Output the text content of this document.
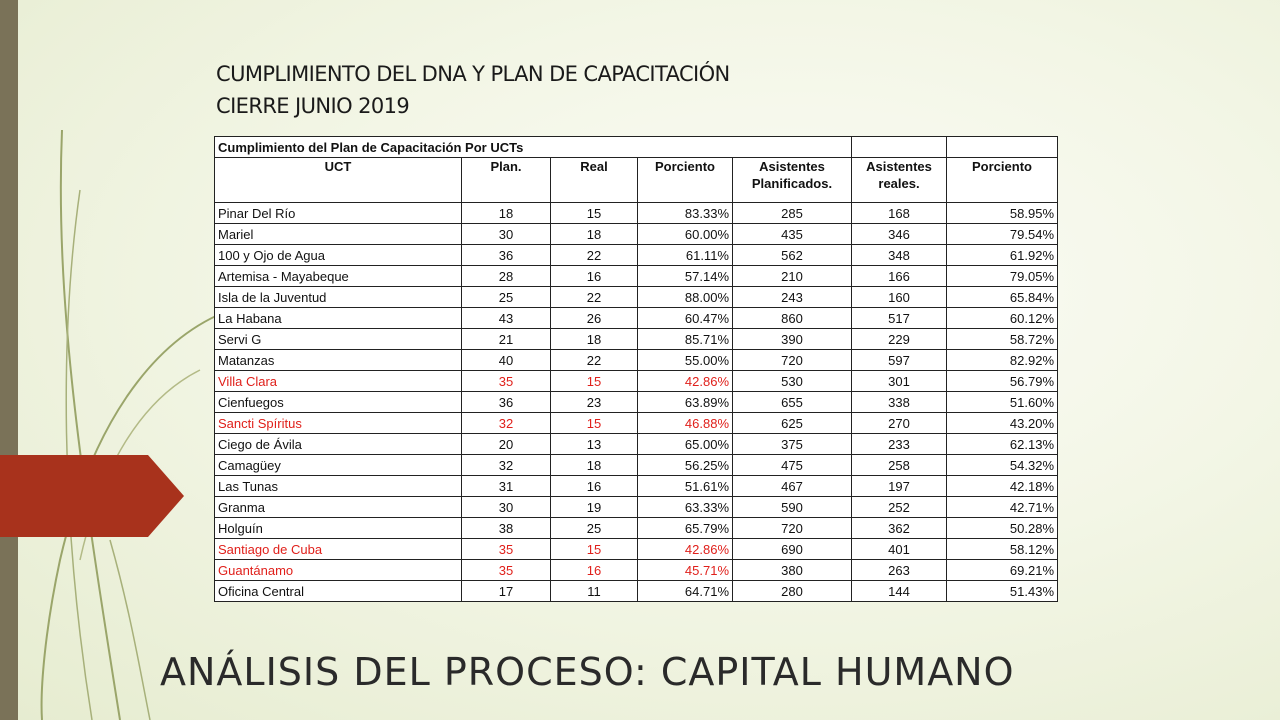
CUMPLIMIENTO DEL DNA Y PLAN DE CAPACITACIÓN
CIERRE JUNIO 2019
Cumplimiento del Plan de Capacitación Por UCTs						
UCT	Plan.	Real	Porciento	Asistentes Planificados.	Asistentes reales.	Porciento
Pinar Del Río	18	15	83.33%	285	168	58.95%
Mariel	30	18	60.00%	435	346	79.54%
100 y Ojo de Agua	36	22	61.11%	562	348	61.92%
Artemisa - Mayabeque	28	16	57.14%	210	166	79.05%
Isla de la Juventud	25	22	88.00%	243	160	65.84%
La Habana	43	26	60.47%	860	517	60.12%
Servi G	21	18	85.71%	390	229	58.72%
Matanzas	40	22	55.00%	720	597	82.92%
Villa Clara	35	15	42.86%	530	301	56.79%
Cienfuegos	36	23	63.89%	655	338	51.60%
Sancti Spíritus	32	15	46.88%	625	270	43.20%
Ciego de Ávila	20	13	65.00%	375	233	62.13%
Camagüey	32	18	56.25%	475	258	54.32%
Las Tunas	31	16	51.61%	467	197	42.18%
Granma	30	19	63.33%	590	252	42.71%
Holguín	38	25	65.79%	720	362	50.28%
Santiago de Cuba	35	15	42.86%	690	401	58.12%
Guantánamo	35	16	45.71%	380	263	69.21%
Oficina Central	17	11	64.71%	280	144	51.43%
ANÁLISIS DEL PROCESO: CAPITAL HUMANO
